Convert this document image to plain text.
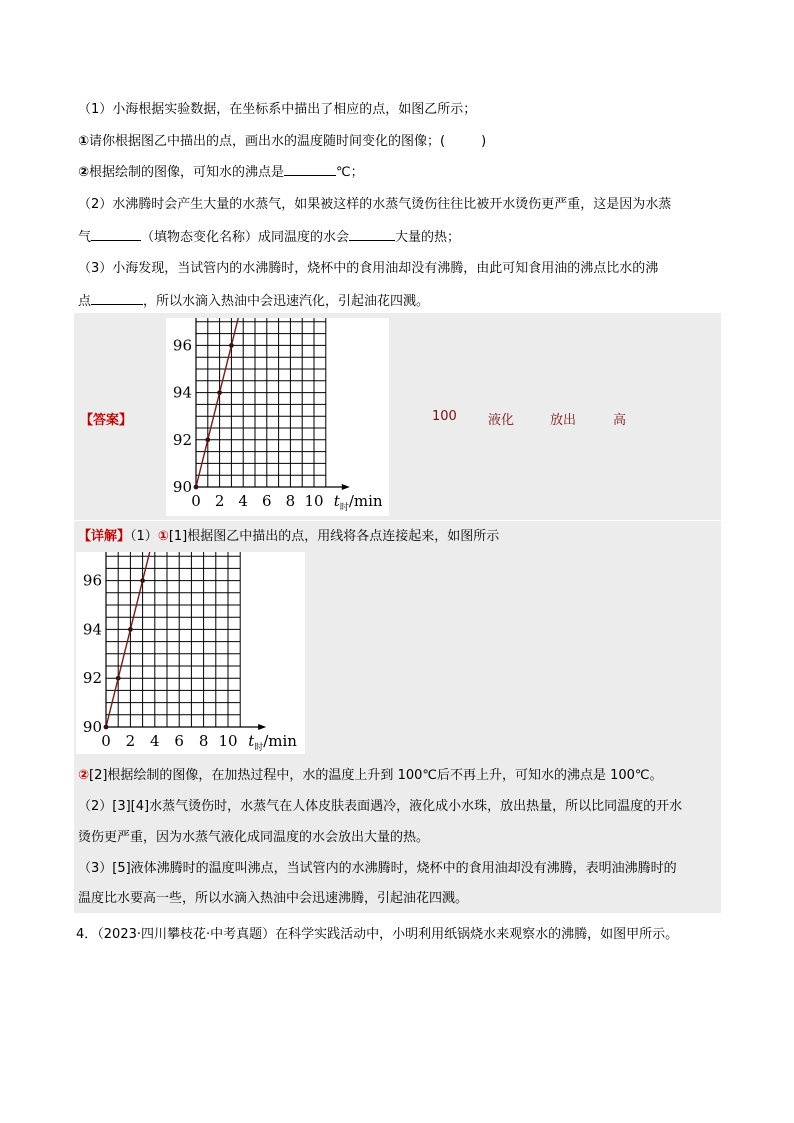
（1）小海根据实验数据，在坐标系中描出了相应的点，如图乙所示；
①请你根据图乙中描出的点，画出水的温度随时间变化的图像；(	)
②根据绘制的图像，可知水的沸点是	℃；
（2）水沸腾时会产生大量的水蒸气，如果被这样的水蒸气烫伤往往比被开水烫伤更严重，这是因为水蒸
气	（填物态变化名称）成同温度的水会	大量的热；
（3）小海发现，当试管内的水沸腾时，烧杯中的食用油却没有沸腾，由此可知食用油的沸点比水的沸
点	，所以水滴入热油中会迅速汽化，引起油花四溅。
0 2 4 6 8 10
90
92
94
96
$t_时/\min$
【答案】	100 液化	放出	高
【详解】（1）①[1]根据图乙中描出的点，用线将各点连接起来，如图所示
0 2 4 6 8 10
90
92
94
96
$t_时/\min$
②[2]根据绘制的图像，在加热过程中，水的温度上升到 100℃后不再上升，可知水的沸点是 100℃。
（2）[3][4]水蒸气烫伤时，水蒸气在人体皮肤表面遇冷，液化成小水珠，放出热量，所以比同温度的开水
烫伤更严重，因为水蒸气液化成同温度的水会放出大量的热。
（3）[5]液体沸腾时的温度叫沸点，当试管内的水沸腾时，烧杯中的食用油却没有沸腾，表明油沸腾时的
温度比水要高一些，所以水滴入热油中会迅速沸腾，引起油花四溅。
4．（2023·四川攀枝花·中考真题）在科学实践活动中，小明利用纸锅烧水来观察水的沸腾，如图甲所示。
